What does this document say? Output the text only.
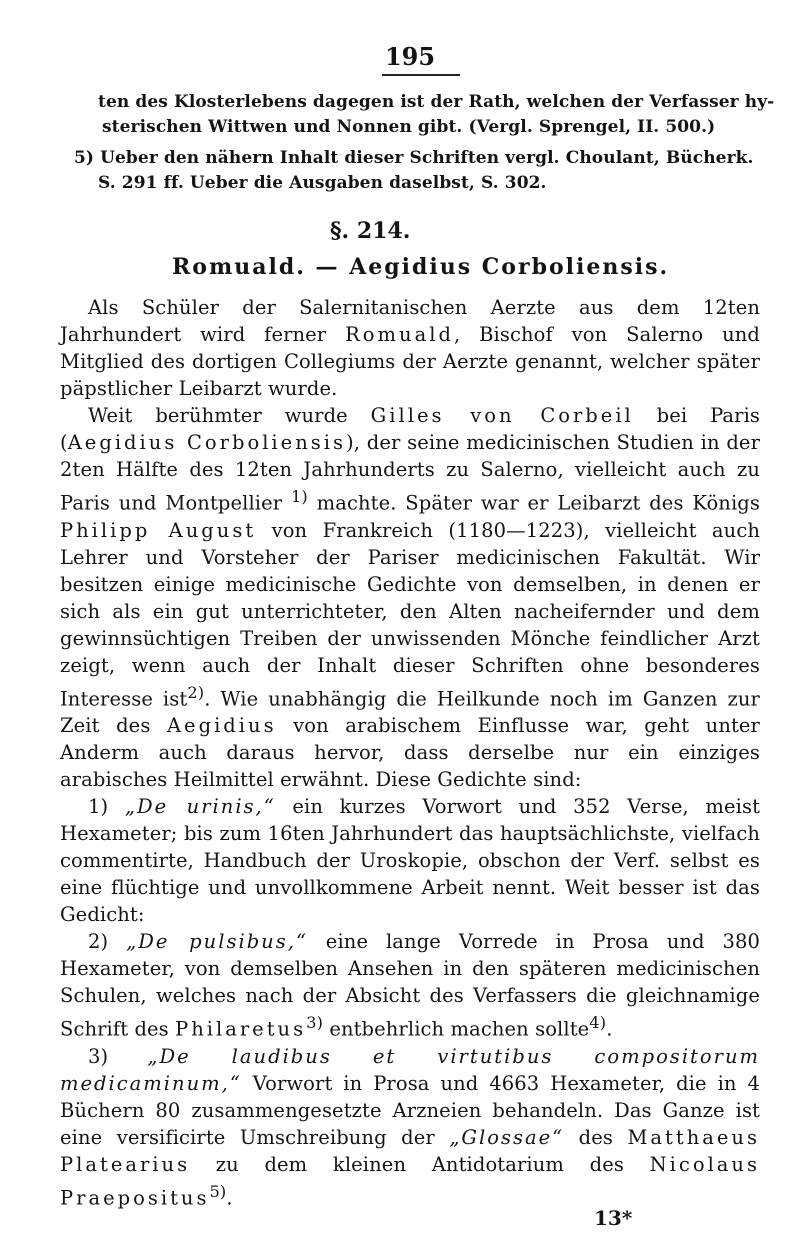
195
ten des Klosterlebens dagegen ist der Rath, welchen der Verfasser hy-
sterischen Wittwen und Nonnen gibt. (Vergl. Sprengel, II. 500.)
5) Ueber den nähern Inhalt dieser Schriften vergl. Choulant, Bücherk.
S. 291 ff. Ueber die Ausgaben daselbst, S. 302.
§. 214.
Romuald. — Aegidius Corboliensis.

Als Schüler der Salernitanischen Aerzte aus dem 12ten Jahrhundert wird ferner Romuald, Bischof von Salerno und Mitglied des dortigen Collegiums der Aerzte genannt, welcher später päpstlicher Leibarzt wurde.

Weit berühmter wurde Gilles von Corbeil bei Paris (Aegidius Corboliensis), der seine medicinischen Studien in der 2ten Hälfte des 12ten Jahrhunderts zu Salerno, vielleicht auch zu Paris und Montpellier $^{1)}$ machte. Später war er Leibarzt des Königs Philipp August von Frankreich (1180—1223), vielleicht auch Lehrer und Vorsteher der Pariser medicinischen Fakultät. Wir besitzen einige medicinische Gedichte von demselben, in denen er sich als ein gut unterrichteter, den Alten nacheifernder und dem gewinnsüchtigen Treiben der unwissenden Mönche feindlicher Arzt zeigt, wenn auch der Inhalt dieser Schriften ohne besonderes Interesse ist$^{2)}$. Wie unabhängig die Heilkunde noch im Ganzen zur Zeit des Aegidius von arabischem Einflusse war, geht unter Anderm auch daraus hervor, dass derselbe nur ein einziges arabisches Heilmittel erwähnt. Diese Gedichte sind:

1) „De urinis,“ ein kurzes Vorwort und 352 Verse, meist Hexameter; bis zum 16ten Jahrhundert das hauptsächlichste, vielfach commentirte, Handbuch der Uroskopie, obschon der Verf. selbst es eine flüchtige und unvollkommene Arbeit nennt. Weit besser ist das Gedicht:

2) „De pulsibus,“ eine lange Vorrede in Prosa und 380 Hexameter, von demselben Ansehen in den späteren medicinischen Schulen, welches nach der Absicht des Verfassers die gleichnamige Schrift des Philaretus$^{3)}$ entbehrlich machen sollte$^{4)}$.

3) „De laudibus et virtutibus compositorum medicaminum,“ Vorwort in Prosa und 4663 Hexameter, die in 4 Büchern 80 zusammengesetzte Arzneien behandeln. Das Ganze ist eine versificirte Umschreibung der „Glossae“ des Matthaeus Platearius zu dem kleinen Antidotarium des Nicolaus Praepositus$^{5)}$.

13*
